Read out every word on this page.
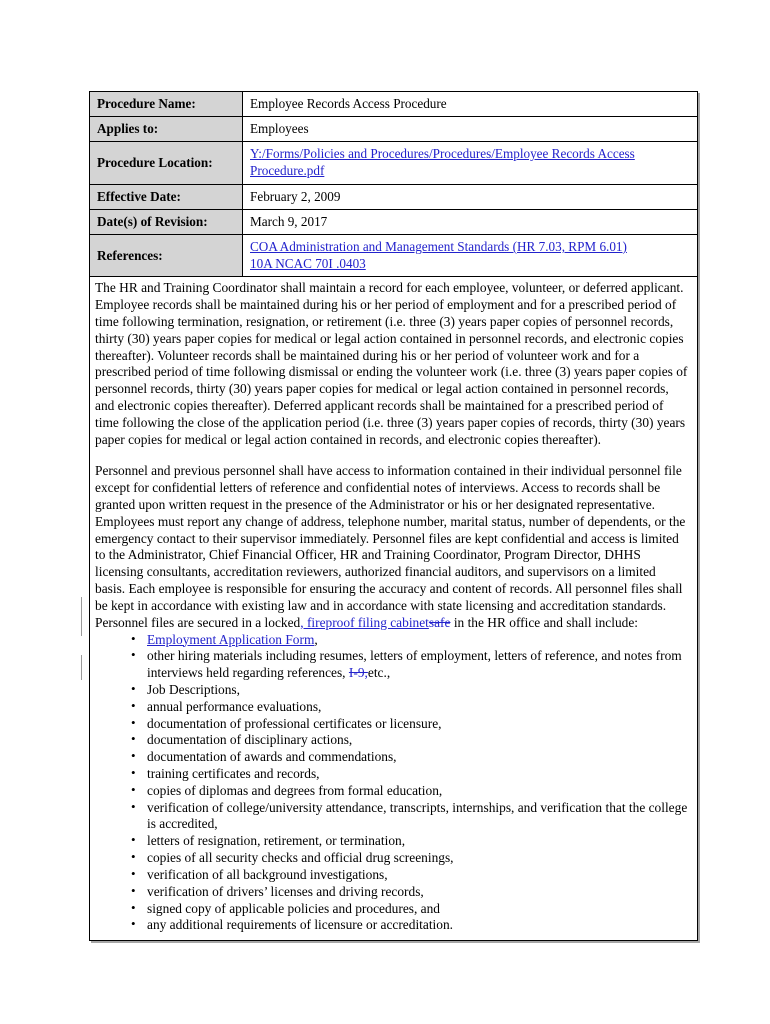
Procedure Name:	Employee Records Access Procedure
Applies to:	Employees
Procedure Location:	Y:/Forms/Policies and Procedures/Procedures/Employee Records Access Procedure.pdf
Effective Date:	February 2, 2009
Date(s) of Revision:	March 9, 2017
References:	COA Administration and Management Standards (HR 7.03, RPM 6.01)
10A NCAC 70I .0403

The HR and Training Coordinator shall maintain a record for each employee, volunteer, or deferred applicant. Employee records shall be maintained during his or her period of employment and for a prescribed period of time following termination, resignation, or retirement (i.e. three (3) years paper copies of personnel records, thirty (30) years paper copies for medical or legal action contained in personnel records, and electronic copies thereafter). Volunteer records shall be maintained during his or her period of volunteer work and for a prescribed period of time following dismissal or ending the volunteer work (i.e. three (3) years paper copies of personnel records, thirty (30) years paper copies for medical or legal action contained in personnel records, and electronic copies thereafter). Deferred applicant records shall be maintained for a prescribed period of time following the close of the application period (i.e. three (3) years paper copies of records, thirty (30) years paper copies for medical or legal action contained in records, and electronic copies thereafter).

Personnel and previous personnel shall have access to information contained in their individual personnel file except for confidential letters of reference and confidential notes of interviews. Access to records shall be granted upon written request in the presence of the Administrator or his or her designated representative. Employees must report any change of address, telephone number, marital status, number of dependents, or the emergency contact to their supervisor immediately. Personnel files are kept confidential and access is limited to the Administrator, Chief Financial Officer, HR and Training Coordinator, Program Director, DHHS licensing consultants, accreditation reviewers, authorized financial auditors, and supervisors on a limited basis. Each employee is responsible for ensuring the accuracy and content of records. All personnel files shall be kept in accordance with existing law and in accordance with state licensing and accreditation standards. Personnel files are secured in a locked, fireproof filing cabinetsafe in the HR office and shall include:

• Employment Application Form,
• other hiring materials including resumes, letters of employment, letters of reference, and notes from interviews held regarding references, I-9,etc.,
• Job Descriptions,
• annual performance evaluations,
• documentation of professional certificates or licensure,
• documentation of disciplinary actions,
• documentation of awards and commendations,
• training certificates and records,
• copies of diplomas and degrees from formal education,
• verification of college/university attendance, transcripts, internships, and verification that the college is accredited,
• letters of resignation, retirement, or termination,
• copies of all security checks and official drug screenings,
• verification of all background investigations,
• verification of drivers’ licenses and driving records,
• signed copy of applicable policies and procedures, and
• any additional requirements of licensure or accreditation.
